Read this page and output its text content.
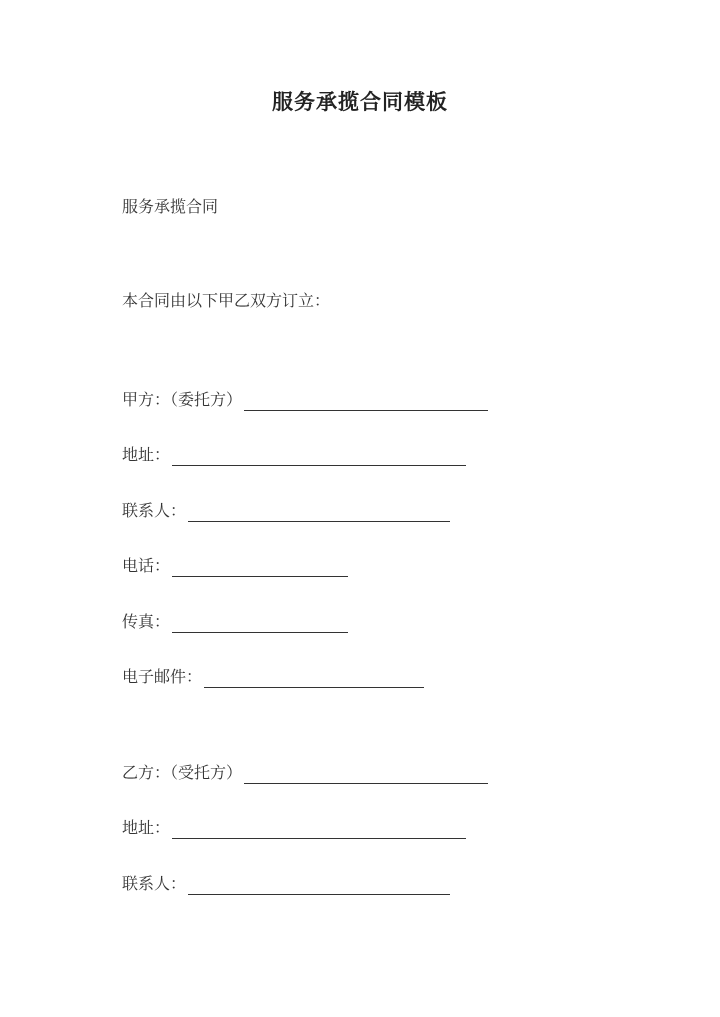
服务承揽合同模板
服务承揽合同
本合同由以下甲乙双方订立：
甲方：（委托方）
地址：
联系人：
电话：
传真：
电子邮件：
乙方：（受托方）
地址：
联系人：
